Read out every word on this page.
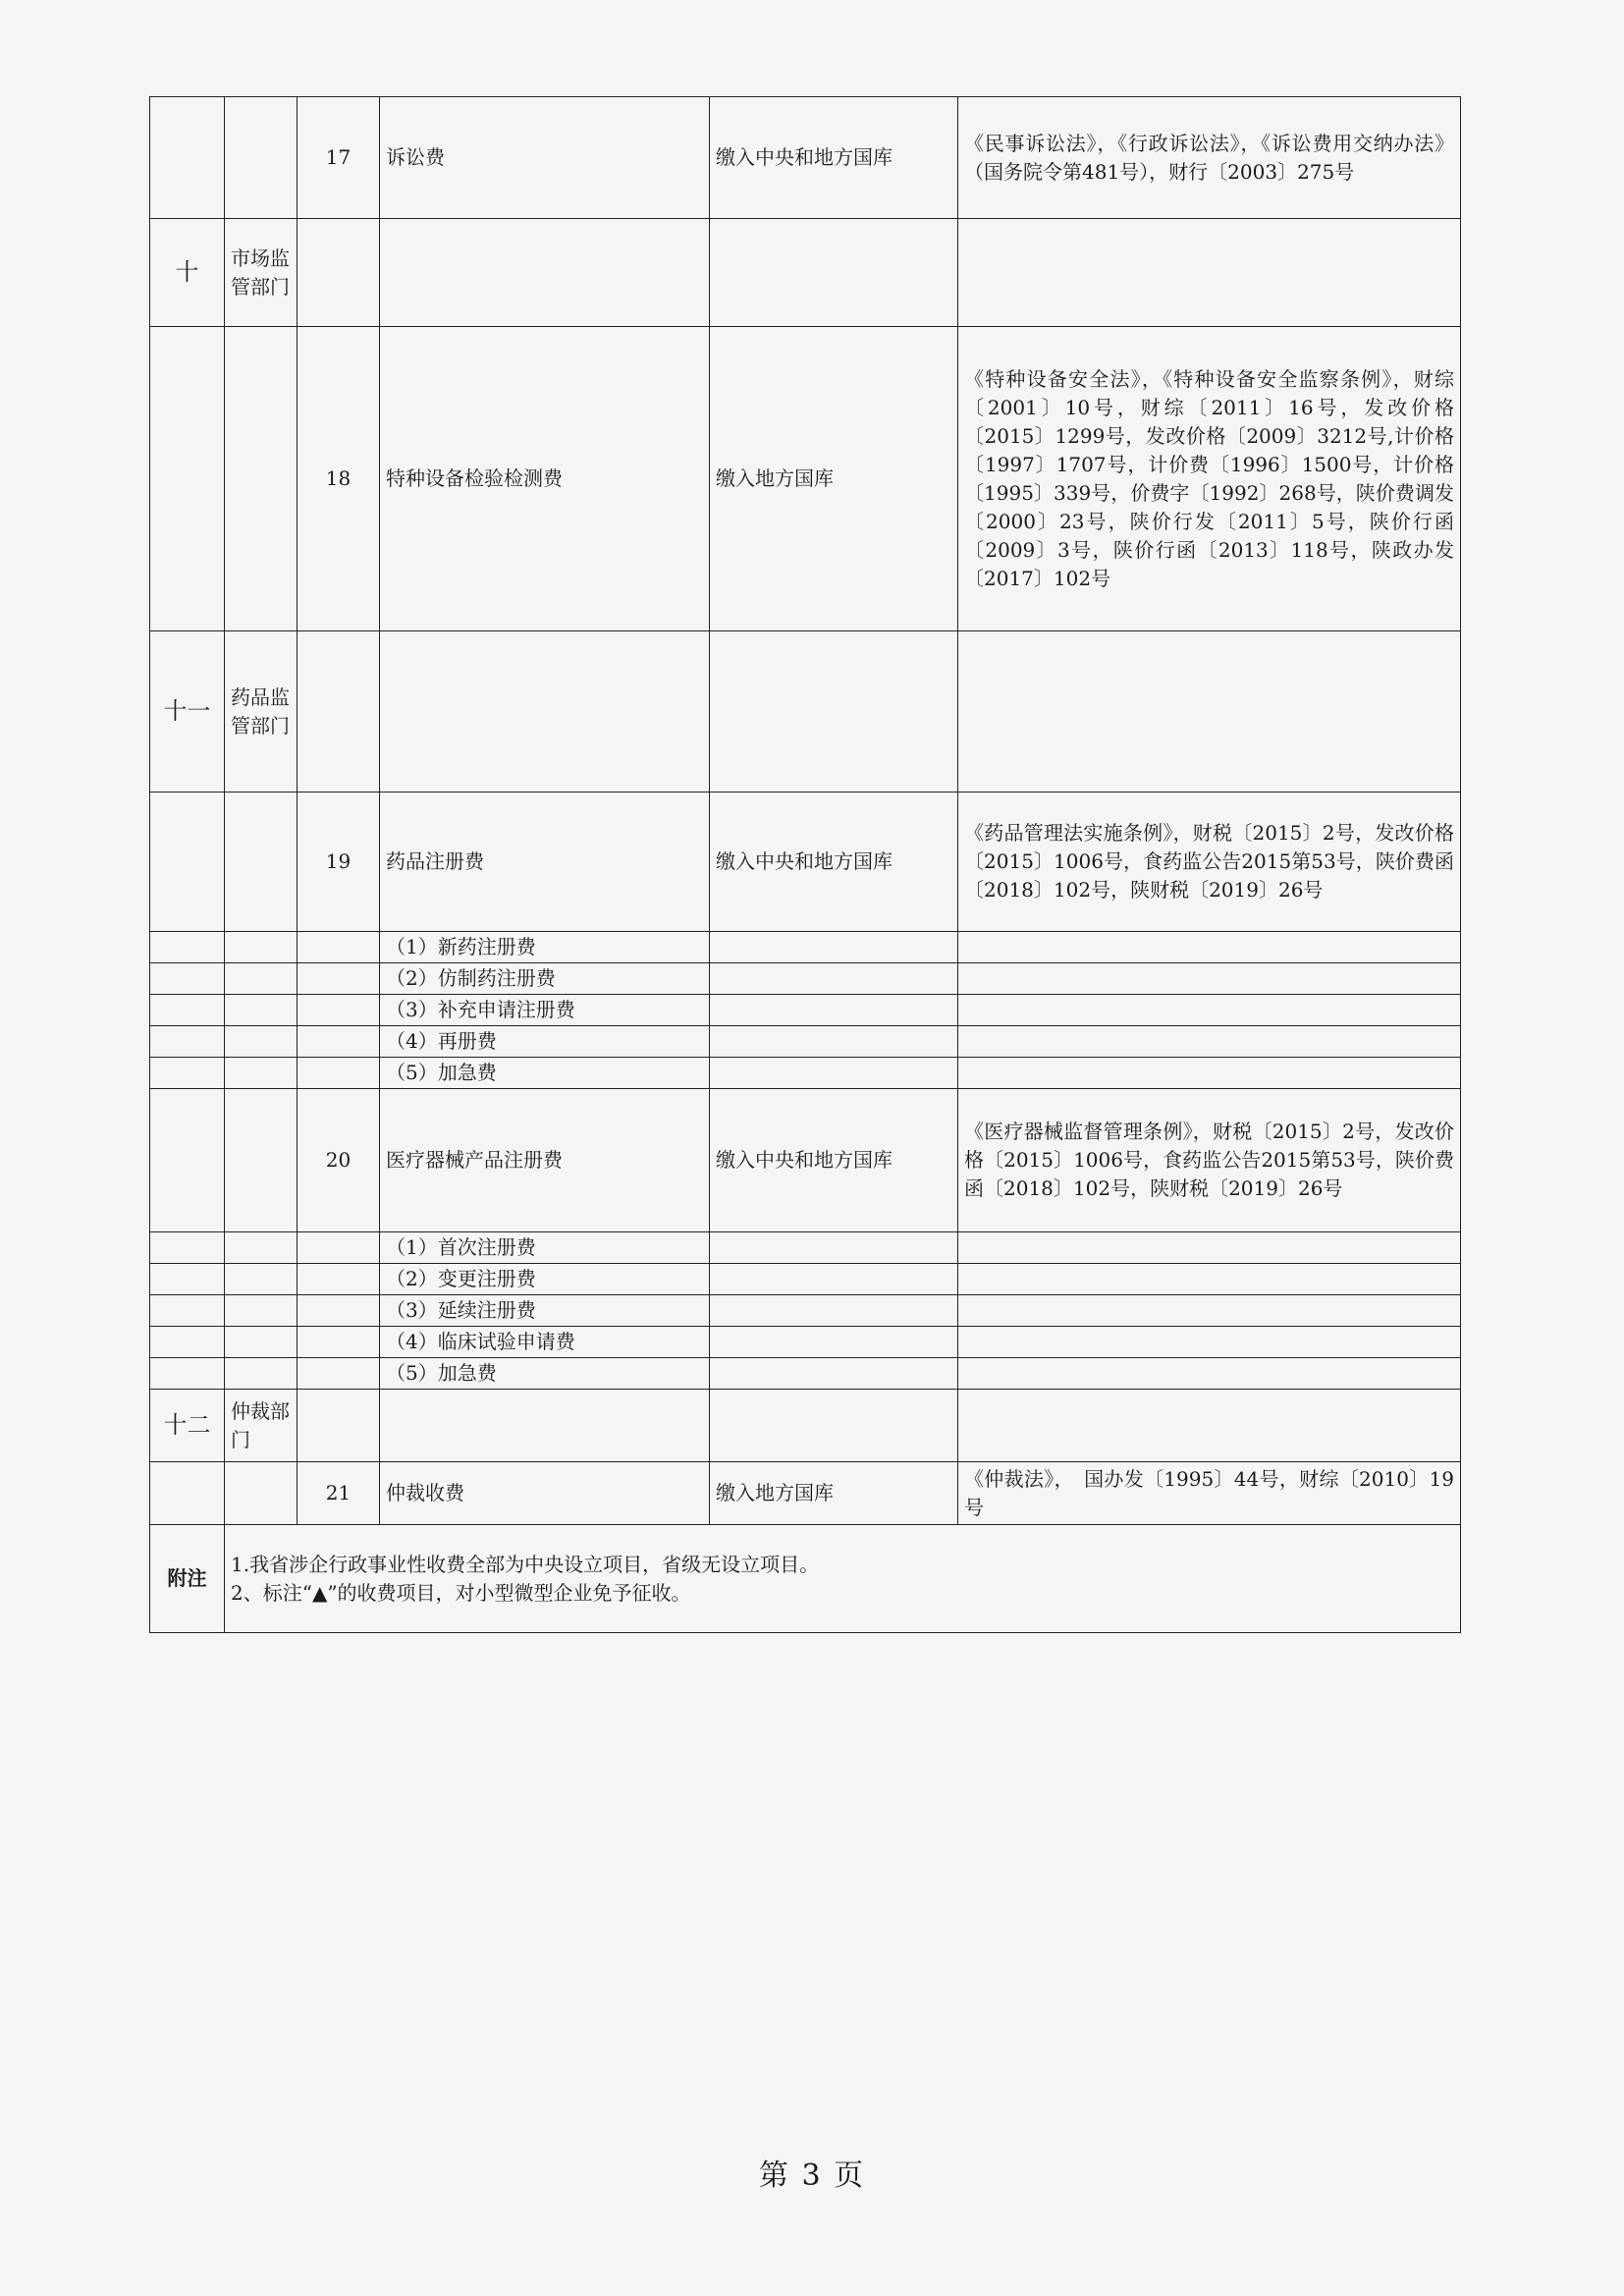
		17	诉讼费	缴入中央和地方国库	《民事诉讼法》，《行政诉讼法》，《诉讼费用交纳办法》（国务院令第481号），财行〔2003〕275号
十	市场监管部门				
		18	特种设备检验检测费	缴入地方国库	《特种设备安全法》，《特种设备安全监察条例》，财综〔2001〕10号，财综〔2011〕16号，发改价格〔2015〕1299号，发改价格〔2009〕3212号,计价格〔1997〕1707号，计价费〔1996〕1500号，计价格〔1995〕339号，价费字〔1992〕268号，陕价费调发〔2000〕23号，陕价行发〔2011〕5号，陕价行函〔2009〕3号，陕价行函〔2013〕118号，陕政办发〔2017〕102号
十一	药品监管部门				
		19	药品注册费	缴入中央和地方国库	《药品管理法实施条例》，财税〔2015〕2号，发改价格〔2015〕1006号，食药监公告2015第53号，陕价费函〔2018〕102号，陕财税〔2019〕26号
			（1）新药注册费		
			（2）仿制药注册费		
			（3）补充申请注册费		
			（4）再册费		
			（5）加急费		
		20	医疗器械产品注册费	缴入中央和地方国库	《医疗器械监督管理条例》，财税〔2015〕2号，发改价格〔2015〕1006号，食药监公告2015第53号，陕价费函〔2018〕102号，陕财税〔2019〕26号
			（1）首次注册费		
			（2）变更注册费		
			（3）延续注册费		
			（4）临床试验申请费		
			（5）加急费		
十二	仲裁部门				
		21	仲裁收费	缴入地方国库	《仲裁法》，　国办发〔1995〕44号，财综〔2010〕19号
附注	1.我省涉企行政事业性收费全部为中央设立项目，省级无设立项目。
2、标注“▲”的收费项目，对小型微型企业免予征收。				
第 3 页
